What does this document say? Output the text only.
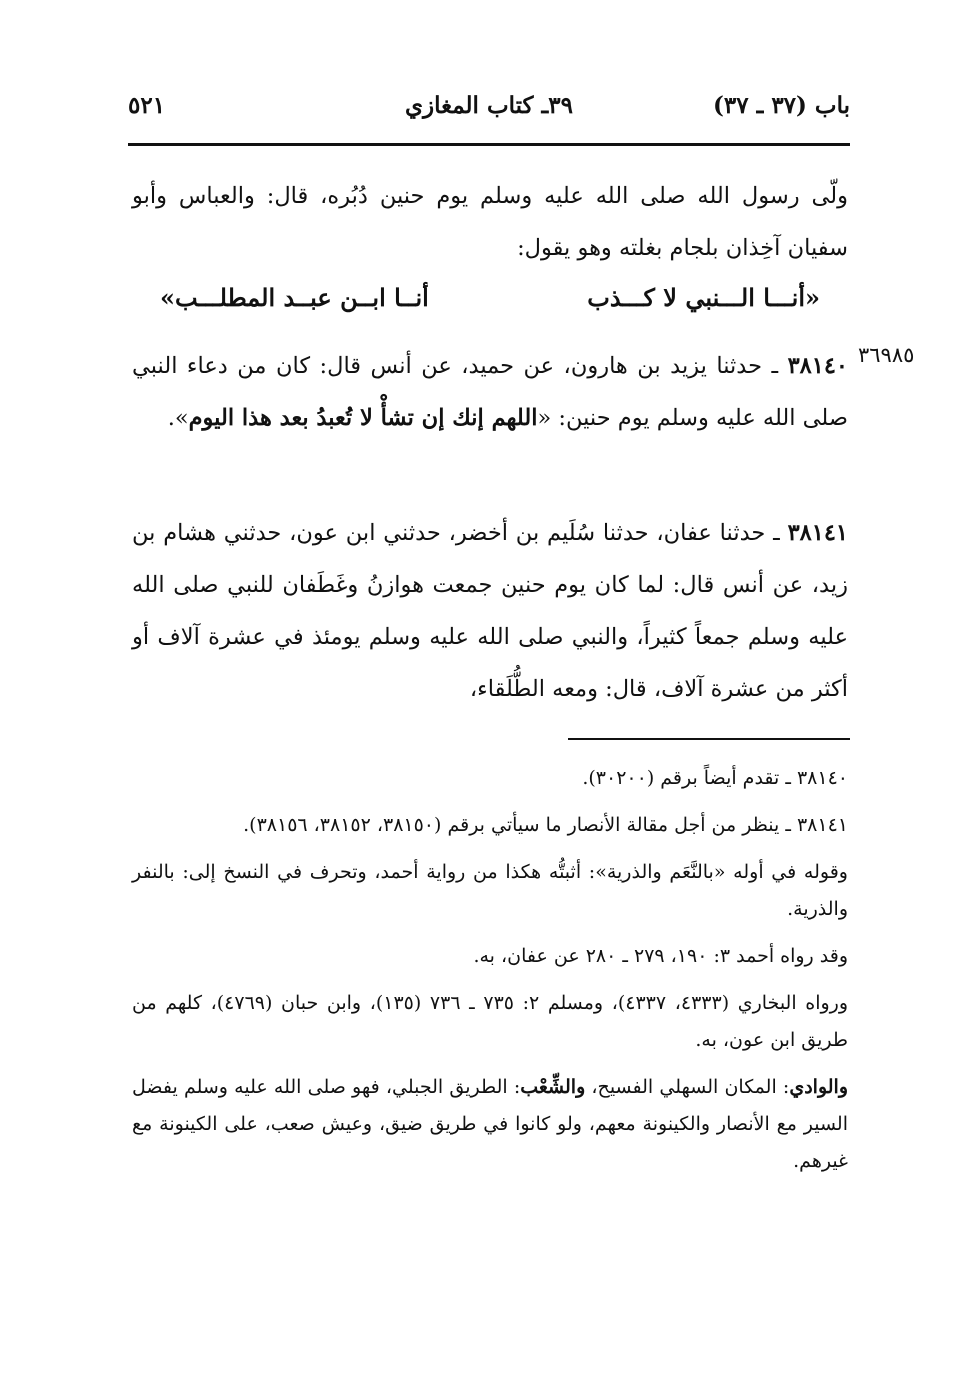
باب (٣٧ ـ ٣٧)
٣٩ـ كتاب المغازي
٥٢١
ولّى رسول الله صلى الله عليه وسلم يوم حنين دُبُره، قال: والعباس وأبو سفيان آخِذان بلجام بغلته وهو يقول:
«أنـــا الـــنبي لا كـــذب
أنــا ابــن عبــد المطلـــب»
٣٦٩٨٥
٣٨١٤٠ ـ حدثنا يزيد بن هارون، عن حميد، عن أنس قال: كان من دعاء النبي صلى الله عليه وسلم يوم حنين: «اللهم إنك إن تشأْ لا تُعبدُ بعد هذا اليوم».
٣٨١٤١ ـ حدثنا عفان، حدثنا سُلَيم بن أخضر، حدثني ابن عون، حدثني هشام بن زيد، عن أنس قال: لما كان يوم حنين جمعت هوازنُ وغَطَفان للنبي صلى الله عليه وسلم جمعاً كثيراً، والنبي صلى الله عليه وسلم يومئذ في عشرة آلاف أو أكثر من عشرة آلاف، قال: ومعه الطُّلَقاء،

٣٨١٤٠ ـ تقدم أيضاً برقم (٣٠٢٠٠).

٣٨١٤١ ـ ينظر من أجل مقالة الأنصار ما سيأتي برقم (٣٨١٥٠، ٣٨١٥٢، ٣٨١٥٦).

وقوله في أوله «بالنَّعَم والذرية»: أثبتُّه هكذا من رواية أحمد، وتحرف في النسخ إلى: بالنفر والذرية.

وقد رواه أحمد ٣: ١٩٠، ٢٧٩ ـ ٢٨٠ عن عفان، به.

ورواه البخاري (٤٣٣٣، ٤٣٣٧)، ومسلم ٢: ٧٣٥ ـ ٧٣٦ (١٣٥)، وابن حبان (٤٧٦٩)، كلهم من طريق ابن عون، به.

والوادي: المكان السهلي الفسيح، والشِّعْب: الطريق الجبلي، فهو صلى الله عليه وسلم يفضل السير مع الأنصار والكينونة معهم، ولو كانوا في طريق ضيق، وعيش صعب، على الكينونة مع غيرهم.
